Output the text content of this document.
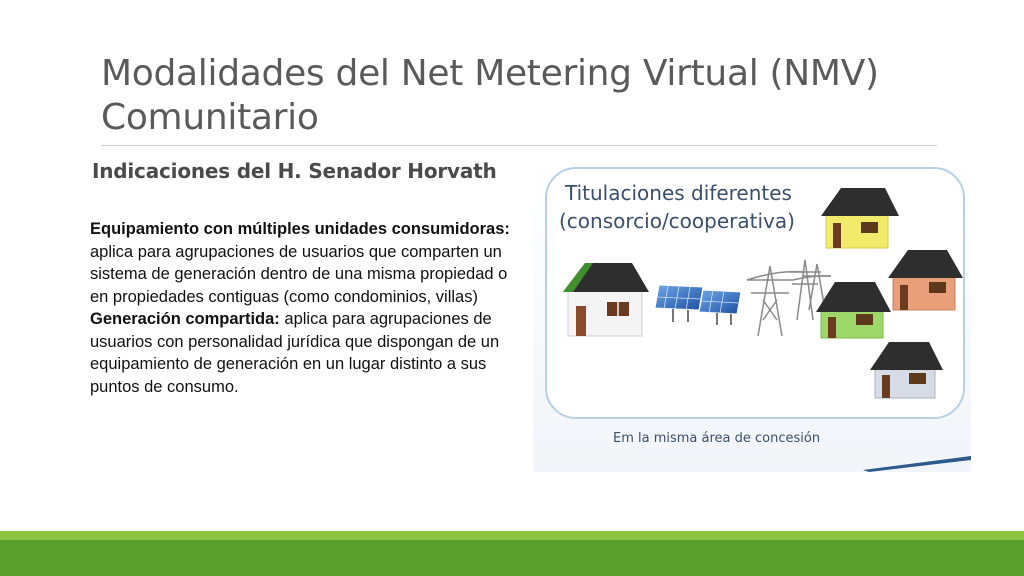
Modalidades del Net Metering Virtual (NMV)
Comunitario
Indicaciones del H. Senador Horvath

Equipamiento con múltiples unidades consumidoras: aplica para agrupaciones de usuarios que comparten un sistema de generación dentro de una misma propiedad o en propiedades contiguas (como condominios, villas)

Generación compartida: aplica para agrupaciones de usuarios con personalidad jurídica que dispongan de un equipamiento de generación en un lugar distinto a sus puntos de consumo.

Titulaciones diferentes
(consorcio/cooperativa)
Em la misma área de concesión
